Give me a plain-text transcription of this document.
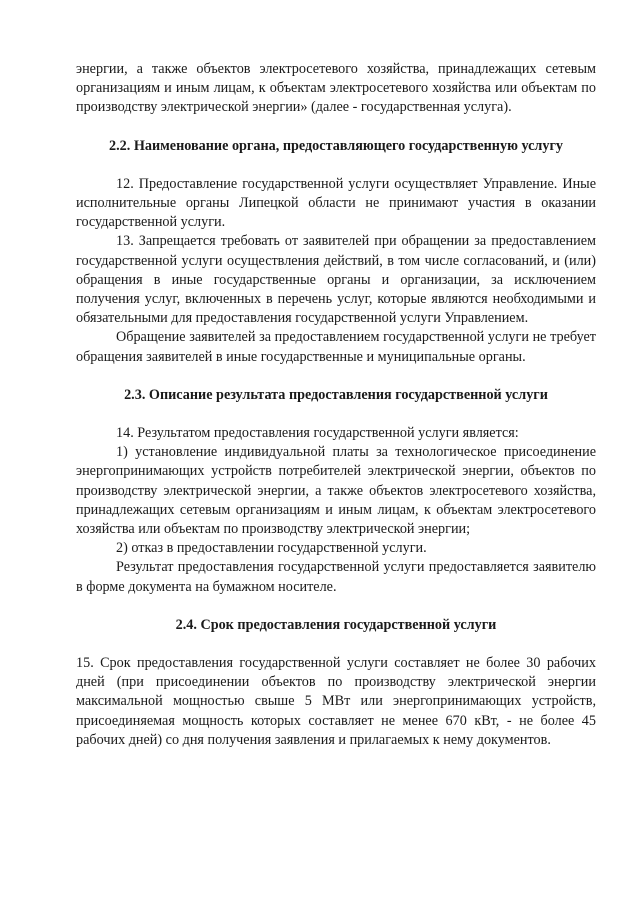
энергии, а также объектов электросетевого хозяйства, принадлежащих сетевым организациям и иным лицам, к объектам электросетевого хозяйства или объектам по производству электрической энергии» (далее - государственная услуга).

2.2. Наименование органа, предоставляющего государственную услугу

12. Предоставление государственной услуги осуществляет Управление. Иные исполнительные органы Липецкой области не принимают участия в оказании государственной услуги.

13. Запрещается требовать от заявителей при обращении за предоставлением государственной услуги осуществления действий, в том числе согласований, и (или) обращения в иные государственные органы и организации, за исключением получения услуг, включенных в перечень услуг, которые являются необходимыми и обязательными для предоставления государственной услуги Управлением.

Обращение заявителей за предоставлением государственной услуги не требует обращения заявителей в иные государственные и муниципальные органы.

2.3. Описание результата предоставления государственной услуги

14. Результатом предоставления государственной услуги является:

1) установление индивидуальной платы за технологическое присоединение энергопринимающих устройств потребителей электрической энергии, объектов по производству электрической энергии, а также объектов электросетевого хозяйства, принадлежащих сетевым организациям и иным лицам, к объектам электросетевого хозяйства или объектам по производству электрической энергии;

2) отказ в предоставлении государственной услуги.

Результат предоставления государственной услуги предоставляется заявителю в форме документа на бумажном носителе.

2.4. Срок предоставления государственной услуги

15. Срок предоставления государственной услуги составляет не более 30 рабочих дней (при присоединении объектов по производству электрической энергии максимальной мощностью свыше 5 МВт или энергопринимающих устройств, присоединяемая мощность которых составляет не менее 670 кВт, - не более 45 рабочих дней) со дня получения заявления и прилагаемых к нему документов.
